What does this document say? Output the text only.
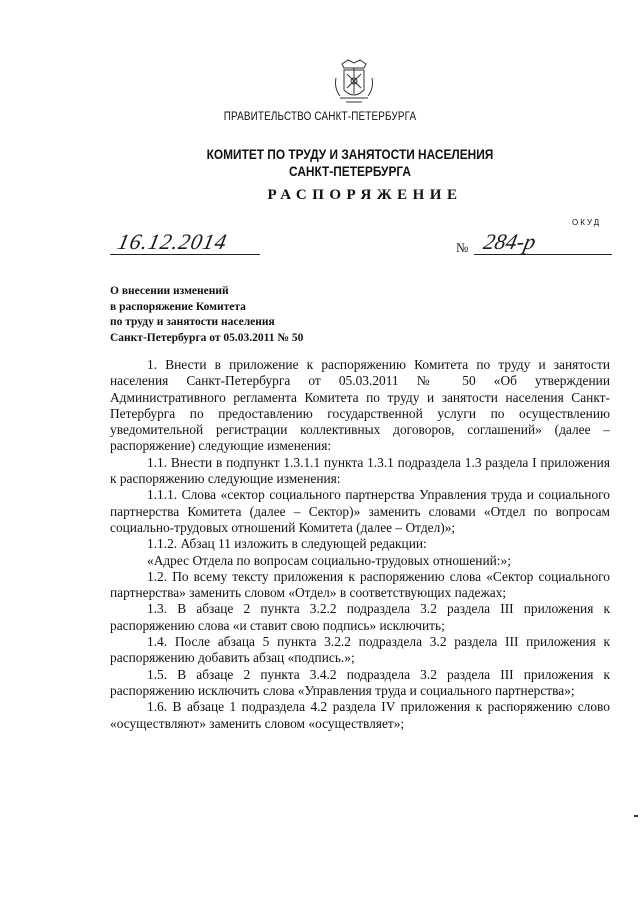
ПРАВИТЕЛЬСТВО САНКТ-ПЕТЕРБУРГА
КОМИТЕТ ПО ТРУДУ И ЗАНЯТОСТИ НАСЕЛЕНИЯ
САНКТ-ПЕТЕРБУРГА
РАСПОРЯЖЕНИЕ
ОКУД
16.12.2014	№ 284-р
О внесении изменений
в распоряжение Комитета
по труду и занятости населения
Санкт-Петербурга от 05.03.2011 № 50

1. Внести в приложение к распоряжению Комитета по труду и занятости населения Санкт-Петербурга от 05.03.2011 № 50 «Об утверждении Административного регламента Комитета по труду и занятости населения Санкт-Петербурга по предоставлению государственной услуги по осуществлению уведомительной регистрации коллективных договоров, соглашений» (далее – распоряжение) следующие изменения:

1.1. Внести в подпункт 1.3.1.1 пункта 1.3.1 подраздела 1.3 раздела I приложения к распоряжению следующие изменения:

1.1.1. Слова «сектор социального партнерства Управления труда и социального партнерства Комитета (далее – Сектор)» заменить словами «Отдел по вопросам социально-трудовых отношений Комитета (далее – Отдел)»;

1.1.2. Абзац 11 изложить в следующей редакции:

«Адрес Отдела по вопросам социально-трудовых отношений:»;

1.2. По всему тексту приложения к распоряжению слова «Сектор социального партнерства» заменить словом «Отдел» в соответствующих падежах;

1.3. В абзаце 2 пункта 3.2.2 подраздела 3.2 раздела III приложения к распоряжению слова «и ставит свою подпись» исключить;

1.4. После абзаца 5 пункта 3.2.2 подраздела 3.2 раздела III приложения к распоряжению добавить абзац «подпись.»;

1.5. В абзаце 2 пункта 3.4.2 подраздела 3.2 раздела III приложения к распоряжению исключить слова «Управления труда и социального партнерства»;

1.6. В абзаце 1 подраздела 4.2 раздела IV приложения к распоряжению слово «осуществляют» заменить словом «осуществляет»;
